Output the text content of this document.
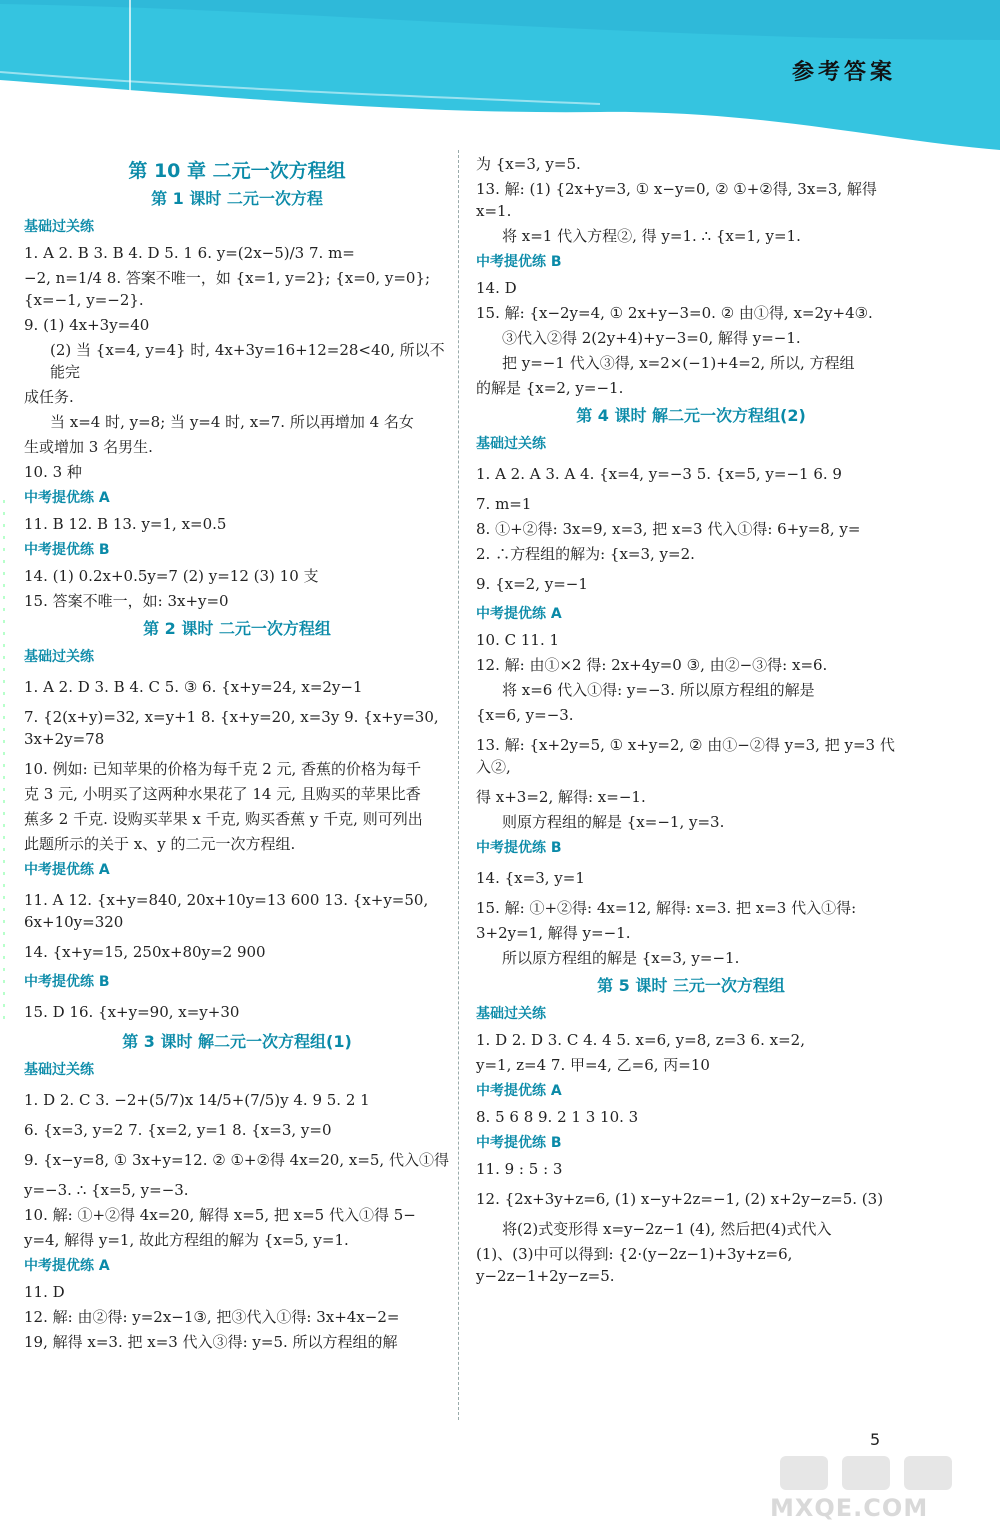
参考答案
第 10 章 二元一次方程组
第 1 课时 二元一次方程
基础过关练
1. A 2. B 3. B 4. D 5. 1 6. y=(2x−5)/3 7. m=
−2, n=1/4 8. 答案不唯一，如 {x=1, y=2}; {x=0, y=0}; {x=−1, y=−2}.
9. (1) 4x+3y=40
(2) 当 {x=4, y=4} 时, 4x+3y=16+12=28<40, 所以不能完
成任务.
当 x=4 时, y=8; 当 y=4 时, x=7. 所以再增加 4 名女
生或增加 3 名男生.
10. 3 种
中考提优练 A
11. B 12. B 13. y=1, x=0.5
中考提优练 B
14. (1) 0.2x+0.5y=7 (2) y=12 (3) 10 支
15. 答案不唯一，如: 3x+y=0
第 2 课时 二元一次方程组
基础过关练
1. A 2. D 3. B 4. C 5. ③ 6. {x+y=24, x=2y−1
7. {2(x+y)=32, x=y+1 8. {x+y=20, x=3y 9. {x+y=30, 3x+2y=78
10. 例如: 已知苹果的价格为每千克 2 元, 香蕉的价格为每千
克 3 元, 小明买了这两种水果花了 14 元, 且购买的苹果比香
蕉多 2 千克. 设购买苹果 x 千克, 购买香蕉 y 千克, 则可列出
此题所示的关于 x、y 的二元一次方程组.
中考提优练 A
11. A 12. {x+y=840, 20x+10y=13 600 13. {x+y=50, 6x+10y=320
14. {x+y=15, 250x+80y=2 900
中考提优练 B
15. D 16. {x+y=90, x=y+30
第 3 课时 解二元一次方程组(1)
基础过关练
1. D 2. C 3. −2+(5/7)x 14/5+(7/5)y 4. 9 5. 2 1
6. {x=3, y=2 7. {x=2, y=1 8. {x=3, y=0
9. {x−y=8, ① 3x+y=12. ② ①+②得 4x=20, x=5, 代入①得
y=−3. ∴ {x=5, y=−3.
10. 解: ①+②得 4x=20, 解得 x=5, 把 x=5 代入①得 5−
y=4, 解得 y=1, 故此方程组的解为 {x=5, y=1.
中考提优练 A
11. D
12. 解: 由②得: y=2x−1③, 把③代入①得: 3x+4x−2=
19, 解得 x=3. 把 x=3 代入③得: y=5. 所以方程组的解
为 {x=3, y=5.
13. 解: (1) {2x+y=3, ① x−y=0, ② ①+②得, 3x=3, 解得 x=1.
将 x=1 代入方程②, 得 y=1. ∴ {x=1, y=1.
中考提优练 B
14. D
15. 解: {x−2y=4, ① 2x+y−3=0. ② 由①得, x=2y+4③.
③代入②得 2(2y+4)+y−3=0, 解得 y=−1.
把 y=−1 代入③得, x=2×(−1)+4=2, 所以, 方程组
的解是 {x=2, y=−1.
第 4 课时 解二元一次方程组(2)
基础过关练
1. A 2. A 3. A 4. {x=4, y=−3 5. {x=5, y=−1 6. 9
7. m=1
8. ①+②得: 3x=9, x=3, 把 x=3 代入①得: 6+y=8, y=
2. ∴方程组的解为: {x=3, y=2.
9. {x=2, y=−1
中考提优练 A
10. C 11. 1
12. 解: 由①×2 得: 2x+4y=0 ③, 由②−③得: x=6.
将 x=6 代入①得: y=−3. 所以原方程组的解是
{x=6, y=−3.
13. 解: {x+2y=5, ① x+y=2, ② 由①−②得 y=3, 把 y=3 代入②,
得 x+3=2, 解得: x=−1.
则原方程组的解是 {x=−1, y=3.
中考提优练 B
14. {x=3, y=1
15. 解: ①+②得: 4x=12, 解得: x=3. 把 x=3 代入①得:
3+2y=1, 解得 y=−1.
所以原方程组的解是 {x=3, y=−1.
第 5 课时 三元一次方程组
基础过关练
1. D 2. D 3. C 4. 4 5. x=6, y=8, z=3 6. x=2,
y=1, z=4 7. 甲=4, 乙=6, 丙=10
中考提优练 A
8. 5 6 8 9. 2 1 3 10. 3
中考提优练 B
11. 9 : 5 : 3
12. {2x+3y+z=6, (1) x−y+2z=−1, (2) x+2y−z=5. (3)
将(2)式变形得 x=y−2z−1 (4), 然后把(4)式代入
(1)、(3)中可以得到: {2·(y−2z−1)+3y+z=6, y−2z−1+2y−z=5.
5
MXQE.COM
